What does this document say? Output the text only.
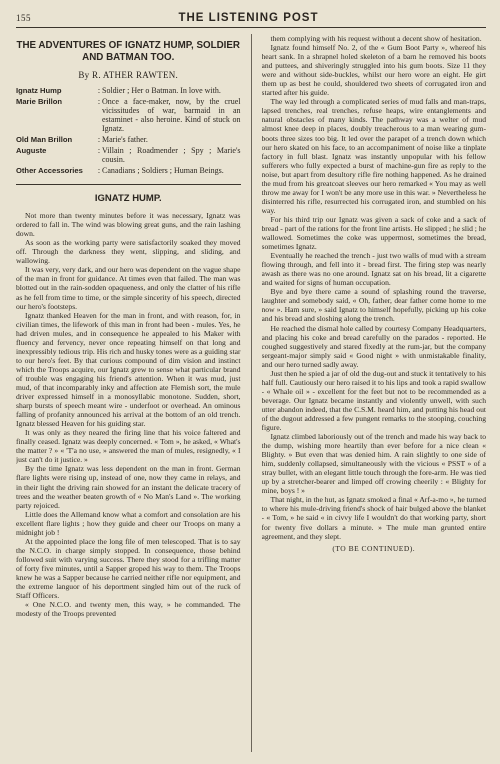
155	THE LISTENING POST
THE ADVENTURES OF IGNATZ HUMP, SOLDIER AND BATMAN TOO.
By R. ATHER RAWTEN.
Ignatz Hump	:	Soldier ; Her o Batman. In love with.
Marie Brillon	:	Once a face-maker, now, by the cruel vicissitudes of war, barmaid in an estaminet - also heroine. Kind of stuck on Ignatz.
Old Man Brillon	:	Marie's father.
Auguste	:	Villain ; Roadmender ; Spy ; Marie's cousin.
Other Accessories	:	Canadians ; Soldiers ; Human Beings.
IGNATZ HUMP.

Not more than twenty minutes before it was necessary, Ignatz was ordered to fall in. The wind was blowing great guns, and the rain lashing down.

As soon as the working party were satisfactorily soaked they moved off. Through the darkness they went, slipping, and sliding, and wallowing.

It was very, very dark, and our hero was dependent on the vague shape of the man in front for guidance. At times even that failed. The man was blotted out in the rain-sodden opaqueness, and only the clatter of his rifle as he fell from time to time, or the simple sincerity of his speech, directed our hero's footsteps.

Ignatz thanked Heaven for the man in front, and with reason, for, in civilian times, the lifework of this man in front had been - mules. Yes, he had driven mules, and in consequence he appealed to his Maker with fluency and fervency, never once repeating himself on that long and inexpressibly tedious trip. His rich and husky tones were as a guiding star to our hero's feet. By that curious compound of dim vision and instinct which the Troops acquire, our Ignatz grew to sense what particular brand of trouble was engaging his friend's attention. When it was mud, just mud, of that incomparably inky and affection ate Flemish sort, the mule driver expressed himself in a monosyllabic monotone. Sudden, short, sharp bursts of speech meant wire - underfoot or overhead. An ominous falling of profanity announced his arrival at the bottom of an old trench. Ignatz blessed Heaven for his guiding star.

It was only as they neared the firing line that his voice faltered and finally ceased. Ignatz was deeply concerned. « Tom », he asked, « What's the matter ? » « 'T'a no use, » answered the man of mules, resignedly, « I just can't do it justice. »

By the time Ignatz was less dependent on the man in front. German flare lights were rising up, instead of one, now they came in relays, and in their light the driving rain showed for an instant the delicate tracery of trees and the weather beaten growth of « No Man's Land ». The working party rejoiced.

Little does the Allemand know what a comfort and consolation are his excellent flare lights ; how they guide and cheer our Troops on many a midnight job !

At the appointed place the long file of men telescoped. That is to say the N.C.O. in charge simply stopped. In consequence, those behind followed suit with varying success. There they stood for a trifling matter of forty five minutes, until a Sapper groped his way to them. The Troops knew he was a Sapper because he carried neither rifle nor equipment, and the extreme languor of his deportment singled him out of the ruck of Staff Officers.

« One N.C.O. and twenty men, this way, » he commanded. The modesty of the Troops prevented

them complying with his request without a decent show of hesitation.

Ignatz found himself No. 2, of the « Gum Boot Party », whereof his heart sank. In a shrapnel holed skeleton of a barn he removed his boots and puttees, and shiveringly struggled into his gum boots. Size 11 they were and without side-buckles, whilst our hero wore an eight. He girt them up as best he could, shouldered two sheets of corrugated iron and started after his guide.

The way led through a complicated series of mud falls and man-traps, lapsed trenches, real trenches, refuse heaps, wire entanglements and natural obstacles of many kinds. The pathway was a welter of mud almost knee deep in places, doubly treacherous to a man wearing gum-boots three sizes too big. It led over the parapet of a trench down which our hero skated on his face, to an accompaniment of noise like a tinplate factory in full blast. Ignatz was instantly unpopular with his fellow sufferers who fully expected a burst of machine-gun fire as reply to the noise, but apart from desultory rifle fire nothing happened. As he drained the mud from his greatcoat sleeves our hero remarked « You may as well throw me away for I won't be any more use in this war. » Nevertheless he disinterred his rifle, resurrected his corrugated iron, and stumbled on his way.

For his third trip our Ignatz was given a sack of coke and a sack of bread - part of the rations for the front line artists. He slipped ; he slid ; he wallowed. Sometimes the coke was uppermost, sometimes the bread, sometimes Ignatz.

Eventually he reached the trench - just two walls of mud with a stream flowing through, and fell into it - bread first. The firing step was nearly awash as there was no one around. Ignatz sat on his bread, lit a cigarette and waited for signs of human occupation.

Bye and bye there came a sound of splashing round the traverse, laughter and somebody said, « Oh, father, dear father come home to me now ». Ham sure, » said Ignatz to himself hopefully, picking up his coke and his bread and sloshing along the trench.

He reached the dismal hole called by courtesy Company Headquarters, and placing his coke and bread carefully on the parados - reported. He coughed suggestively and stared fixedly at the rum-jar, but the company sergeant-major simply said « Good night » with unmistakable finality, and our hero turned sadly away.

Just then he spied a jar of old the dug-out and stuck it tentatively to his half full. Cautiously our hero raised it to his lips and took a rapid swallow - « Whale oil » - excellent for the feet but not to be recommended as a beverage. Our Ignatz became instantly and violently unwell, with such utter abandon indeed, that the C.S.M. heard him, and putting his head out of the dugout addressed a few pungent remarks to the stooping, couching figure.

Ignatz climbed laboriously out of the trench and made his way back to the dump, wishing more heartily than ever before for a nice clean « Blighty. » But even that was denied him. A rain slightly to one side of him, suddenly collapsed, simultaneously with the vicious « PSST » of a stray bullet, with an elegant little touch through the fore-arm. He was tied up by a stretcher-bearer and limped off crowing cheerily : « Blighty for mine, boys ! »

That night, in the hut, as Ignatz smoked a final « Arf-a-mo », he turned to where his mule-driving friend's shock of hair bulged above the blanket - « Tom, » he said « in civvy life I wouldn't do that working party, short for twenty five dollars a minute. » The mule man grunted entire agreement, and they slept.

(TO BE CONTINUED).
